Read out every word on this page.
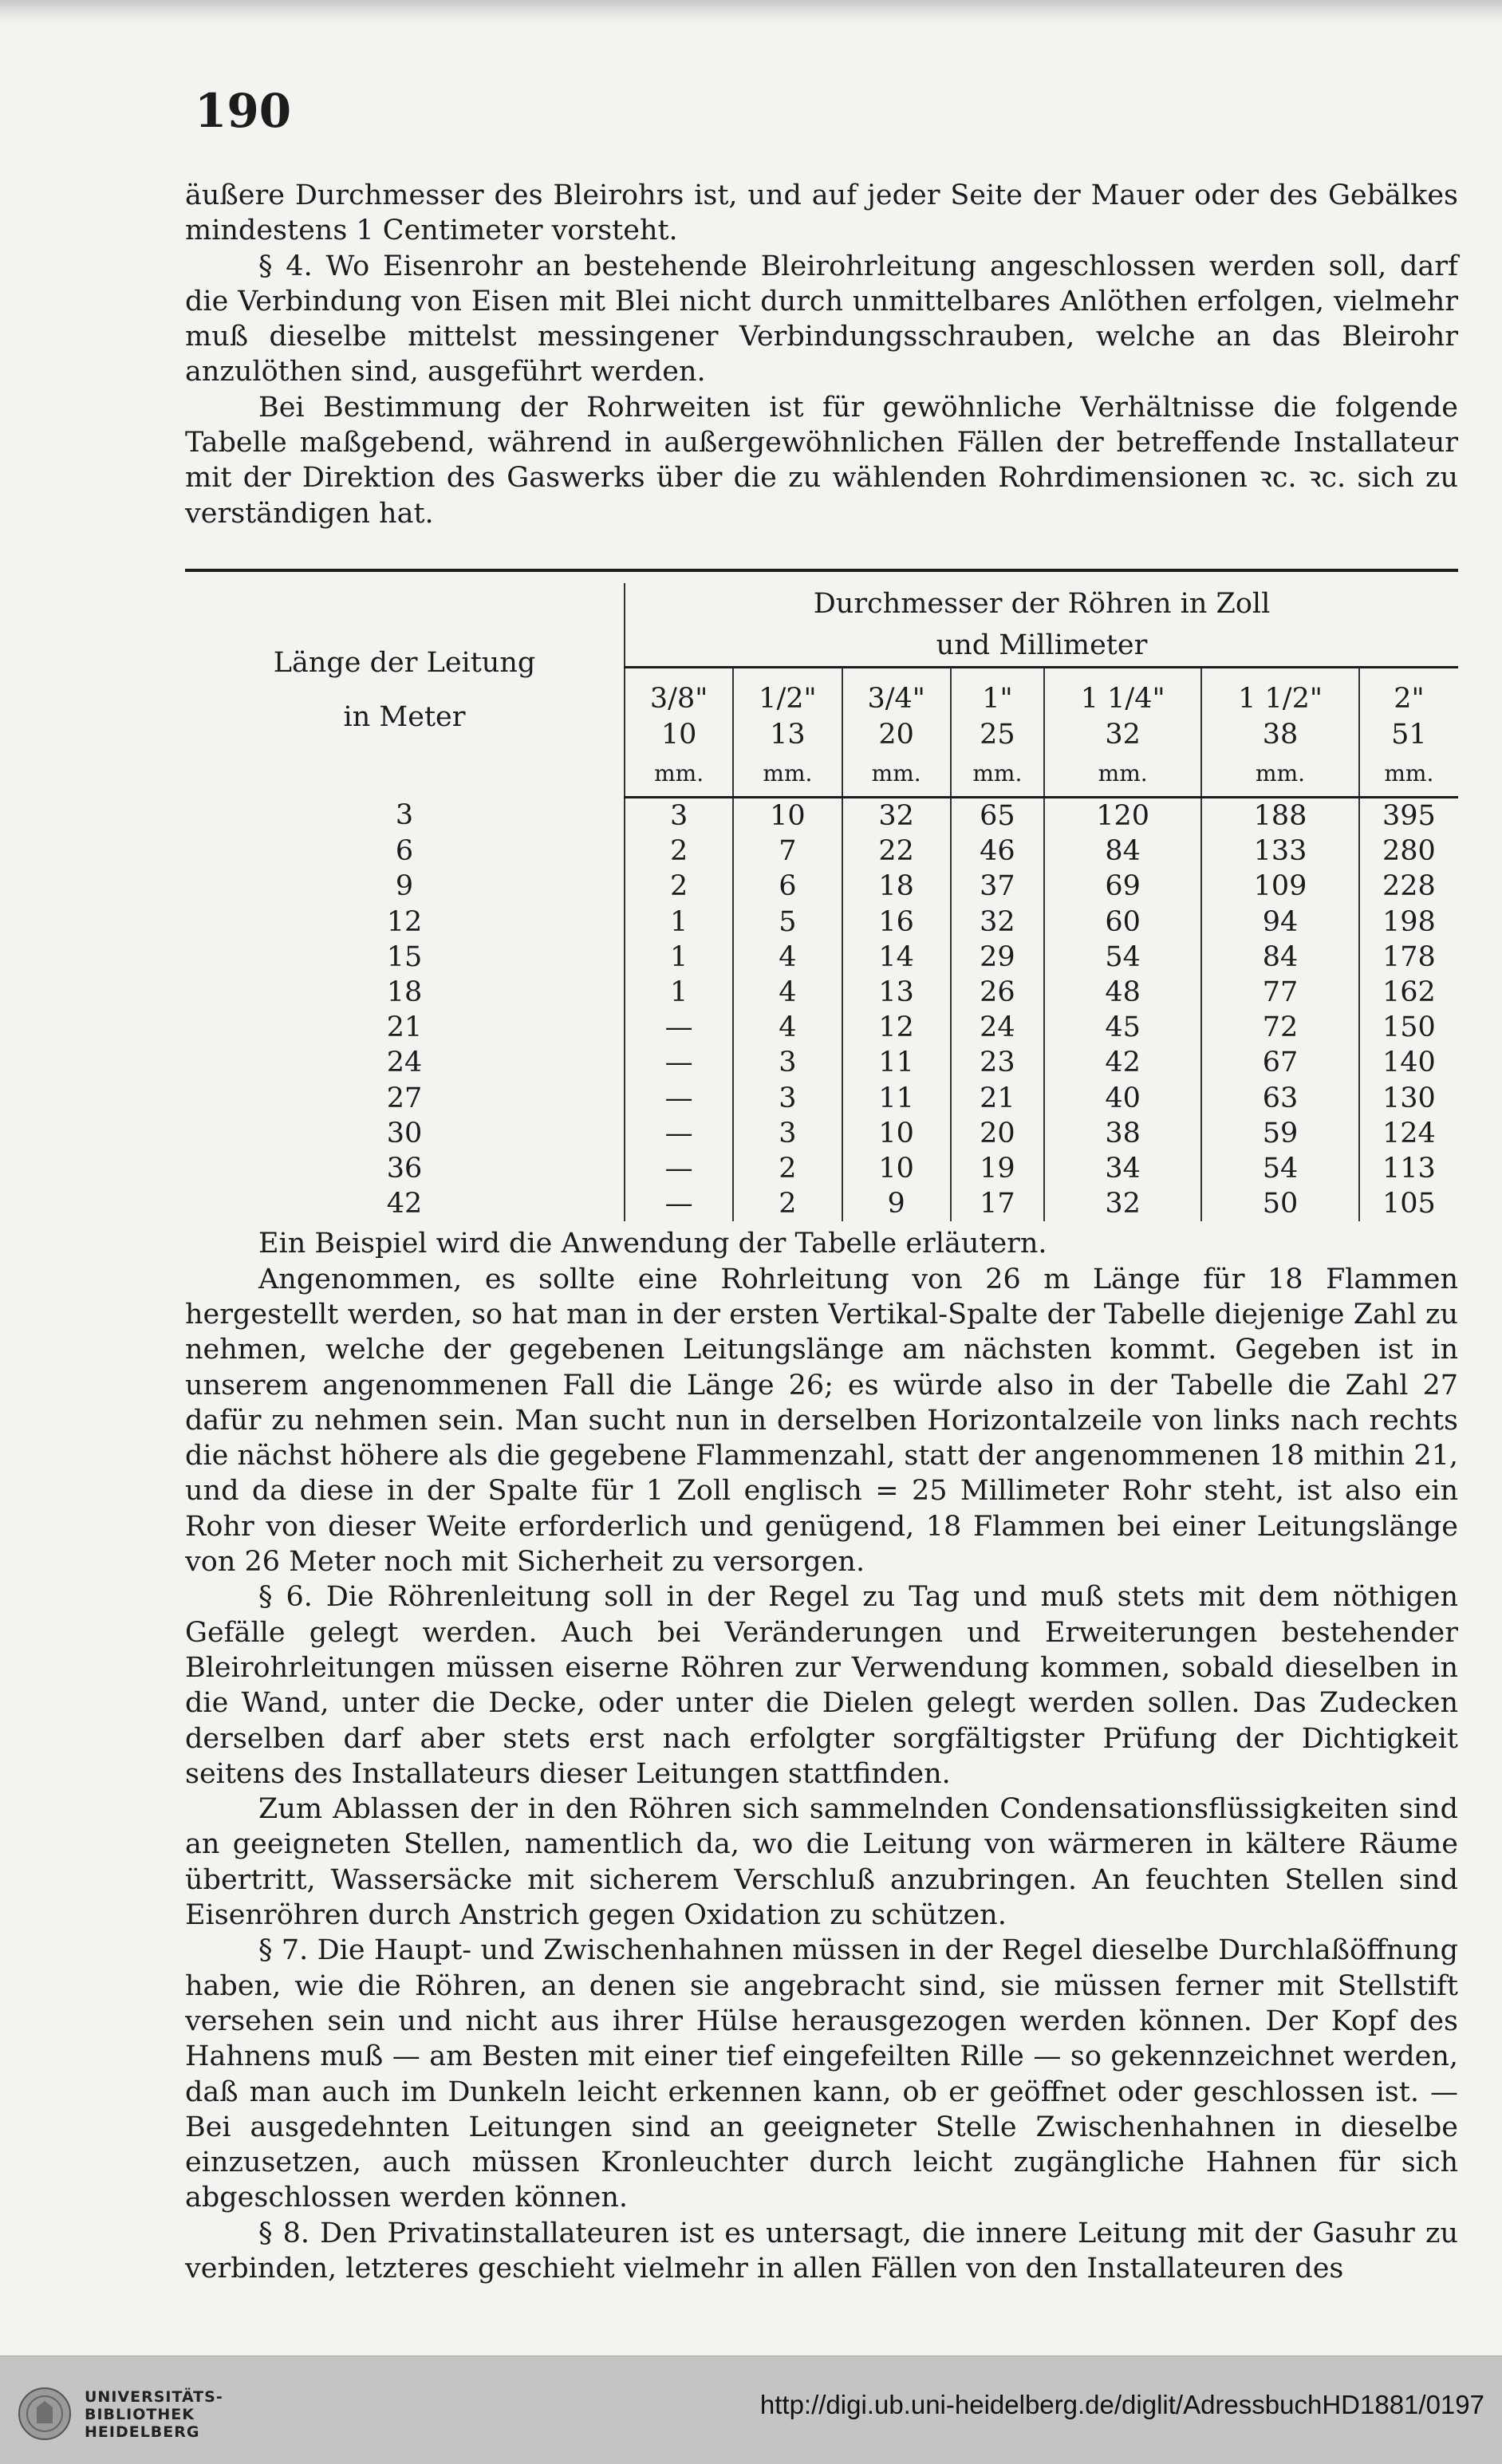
190

äußere Durchmesser des Bleirohrs ist, und auf jeder Seite der Mauer oder des Gebälkes mindestens 1 Centimeter vorsteht.

§ 4. Wo Eisenrohr an bestehende Bleirohrleitung angeschlossen werden soll, darf die Verbindung von Eisen mit Blei nicht durch unmittelbares Anlöthen erfolgen, vielmehr muß dieselbe mittelst messingener Verbindungsschrauben, welche an das Bleirohr anzulöthen sind, ausgeführt werden.

Bei Bestimmung der Rohrweiten ist für gewöhnliche Verhältnisse die folgende Tabelle maßgebend, während in außergewöhnlichen Fällen der betreffende Installateur mit der Direktion des Gaswerks über die zu wählenden Rohrdimensionen ꝛc. ꝛc. sich zu verständigen hat.

Länge der Leitung
in Meter	Durchmesser der Röhren in Zoll
und Millimeter						
	3/8"	1/2"	3/4"	1"	1 1/4"	1 1/2"	2"
	10	13	20	25	32	38	51
	mm.	mm.	mm.	mm.	mm.	mm.	mm.
3	3	10	32	65	120	188	395
6	2	7	22	46	84	133	280
9	2	6	18	37	69	109	228
12	1	5	16	32	60	94	198
15	1	4	14	29	54	84	178
18	1	4	13	26	48	77	162
21	—	4	12	24	45	72	150
24	—	3	11	23	42	67	140
27	—	3	11	21	40	63	130
30	—	3	10	20	38	59	124
36	—	2	10	19	34	54	113
42	—	2	9	17	32	50	105

Ein Beispiel wird die Anwendung der Tabelle erläutern.

Angenommen, es sollte eine Rohrleitung von 26 m Länge für 18 Flammen hergestellt werden, so hat man in der ersten Vertikal-Spalte der Tabelle diejenige Zahl zu nehmen, welche der gegebenen Leitungslänge am nächsten kommt. Gegeben ist in unserem angenommenen Fall die Länge 26; es würde also in der Tabelle die Zahl 27 dafür zu nehmen sein. Man sucht nun in derselben Horizontalzeile von links nach rechts die nächst höhere als die gegebene Flammenzahl, statt der angenommenen 18 mithin 21, und da diese in der Spalte für 1 Zoll englisch = 25 Millimeter Rohr steht, ist also ein Rohr von dieser Weite erforderlich und genügend, 18 Flammen bei einer Leitungslänge von 26 Meter noch mit Sicherheit zu versorgen.

§ 6. Die Röhrenleitung soll in der Regel zu Tag und muß stets mit dem nöthigen Gefälle gelegt werden. Auch bei Veränderungen und Erweiterungen bestehender Bleirohrleitungen müssen eiserne Röhren zur Verwendung kommen, sobald dieselben in die Wand, unter die Decke, oder unter die Dielen gelegt werden sollen. Das Zudecken derselben darf aber stets erst nach erfolgter sorgfältigster Prüfung der Dichtigkeit seitens des Installateurs dieser Leitungen stattfinden.

Zum Ablassen der in den Röhren sich sammelnden Condensationsflüssigkeiten sind an geeigneten Stellen, namentlich da, wo die Leitung von wärmeren in kältere Räume übertritt, Wassersäcke mit sicherem Verschluß anzubringen. An feuchten Stellen sind Eisenröhren durch Anstrich gegen Oxidation zu schützen.

§ 7. Die Haupt- und Zwischenhahnen müssen in der Regel dieselbe Durchlaßöffnung haben, wie die Röhren, an denen sie angebracht sind, sie müssen ferner mit Stellstift versehen sein und nicht aus ihrer Hülse herausgezogen werden können. Der Kopf des Hahnens muß — am Besten mit einer tief eingefeilten Rille — so gekennzeichnet werden, daß man auch im Dunkeln leicht erkennen kann, ob er geöffnet oder geschlossen ist. — Bei ausgedehnten Leitungen sind an geeigneter Stelle Zwischenhahnen in dieselbe einzusetzen, auch müssen Kronleuchter durch leicht zugängliche Hahnen für sich abgeschlossen werden können.

§ 8. Den Privatinstallateuren ist es untersagt, die innere Leitung mit der Gasuhr zu verbinden, letzteres geschieht vielmehr in allen Fällen von den Installateuren des

UNIVERSITÄTS-
BIBLIOTHEK
HEIDELBERG
http://digi.ub.uni-heidelberg.de/diglit/AdressbuchHD1881/0197
